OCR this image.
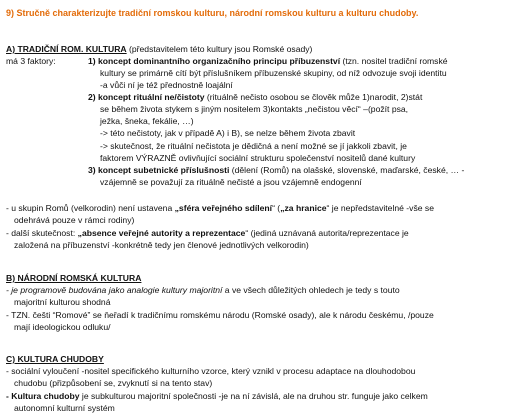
9) Stručně charakterizujte tradiční romskou kulturu, národní romskou kulturu a kulturu chudoby.
A) TRADIČNÍ ROM. KULTURA (představitelem této kultury jsou Romské osady)
má 3 faktory:	1) koncept dominantního organizačního principu příbuzenství (tzn. nositel tradiční romské
kultury se primárně cítí být příslušníkem příbuzenské skupiny, od níž odvozuje svoji identitu
-a vůči ní je též přednostně loajální
2) koncept rituální ne/čistoty (rituálně nečisto osobou se člověk může 1)narodit, 2)stát
se během života stykem s jiným nositelem 3)kontakts „nečistou věcí“ –(požít psa,
ježka, šneka, fekálie, …)
-> této nečistoty, jak v případě A) i B), se nelze během života zbavit
-> skutečnost, že rituální nečistota je dědičná a není možné se jí jakkoli zbavit, je
faktorem VÝRAZNĚ ovlivňující sociální strukturu společenství nositelů dané kultury
3) koncept subetnické příslušnosti (dělení (Romů) na olašské, slovenské, maďarské, české, … -
vzájemně se považují za rituálně nečisté a jsou vzájemně endogenní
- u skupin Romů (velkorodin) není ustavena „sféra veřejného sdílení“ („za hranice“ je nepředstavitelné -vše se
odehrává pouze v rámci rodiny)
- další skutečnost: „absence veřejné autority a reprezentace“ (jediná uznávaná autorita/reprezentace je
založená na příbuzenství -konkrétně tedy jen členové jednotlivých velkorodin)
B) NÁRODNÍ ROMSKÁ KULTURA
- je programově budována jako analogie kultury majoritní a ve všech důležitých ohledech je tedy s touto
majoritní kulturou shodná
- TZN. češti “Romové” se ňeřadí k tradičnímu romskému národu (Romské osady), ale k národu českému, /pouze
mají ideologickou odluku/
C) KULTURA CHUDOBY
- sociální vyloučení -nositel specifického kulturního vzorce, který vznikl v procesu adaptace na dlouhodobou
chudobu (přizpůsobení se, zvyknutí si na tento stav)
- Kultura chudoby je subkulturou majoritní společnosti -je na ní závislá, ale na druhou str. funguje jako celkem
autonomní kulturní systém
